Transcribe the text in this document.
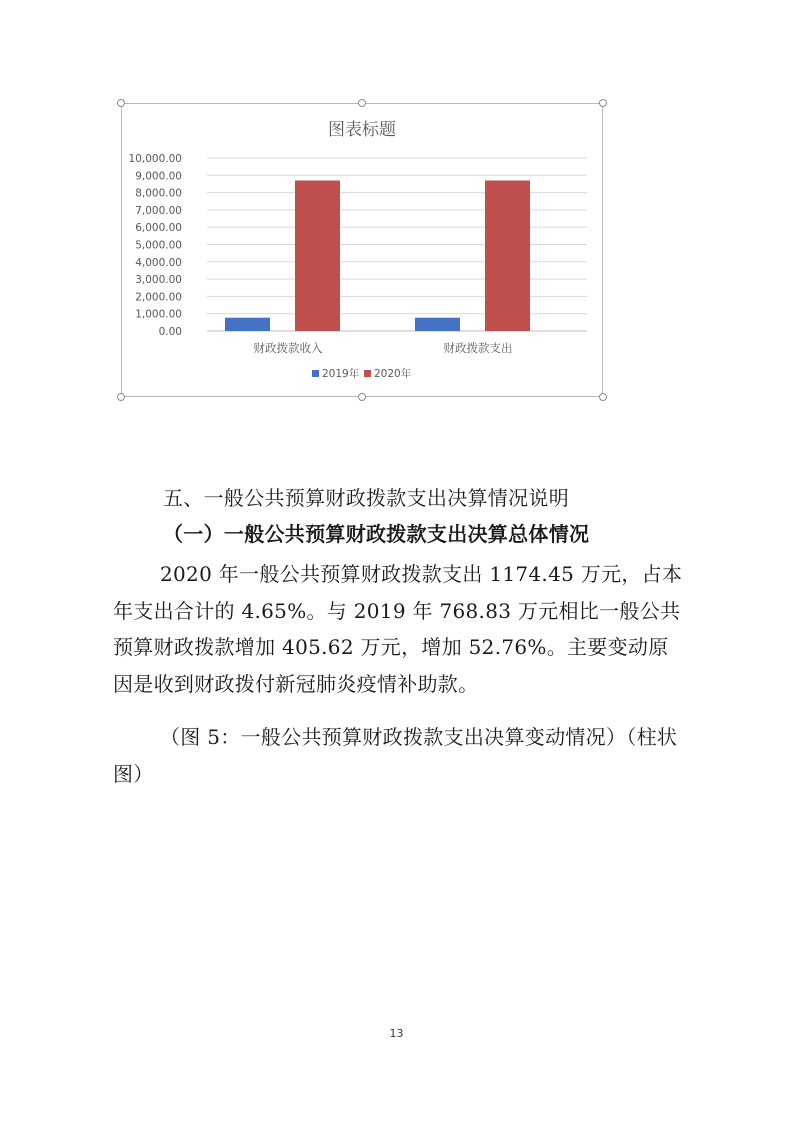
图表标题
10,000.00
9,000.00
8,000.00
7,000.00
6,000.00
5,000.00
4,000.00
3,000.00
2,000.00
1,000.00
0.00
财政拨款收入	财政拨款支出
2019年 2020年

五、一般公共预算财政拨款支出决算情况说明

（一）一般公共预算财政拨款支出决算总体情况

2020 年一般公共预算财政拨款支出 1174.45 万元，占本年支出合计的 4.65%。与 2019 年 768.83 万元相比一般公共预算财政拨款增加 405.62 万元，增加 52.76%。主要变动原因是收到财政拨付新冠肺炎疫情补助款。

（图 5：一般公共预算财政拨款支出决算变动情况）（柱状图）

13
